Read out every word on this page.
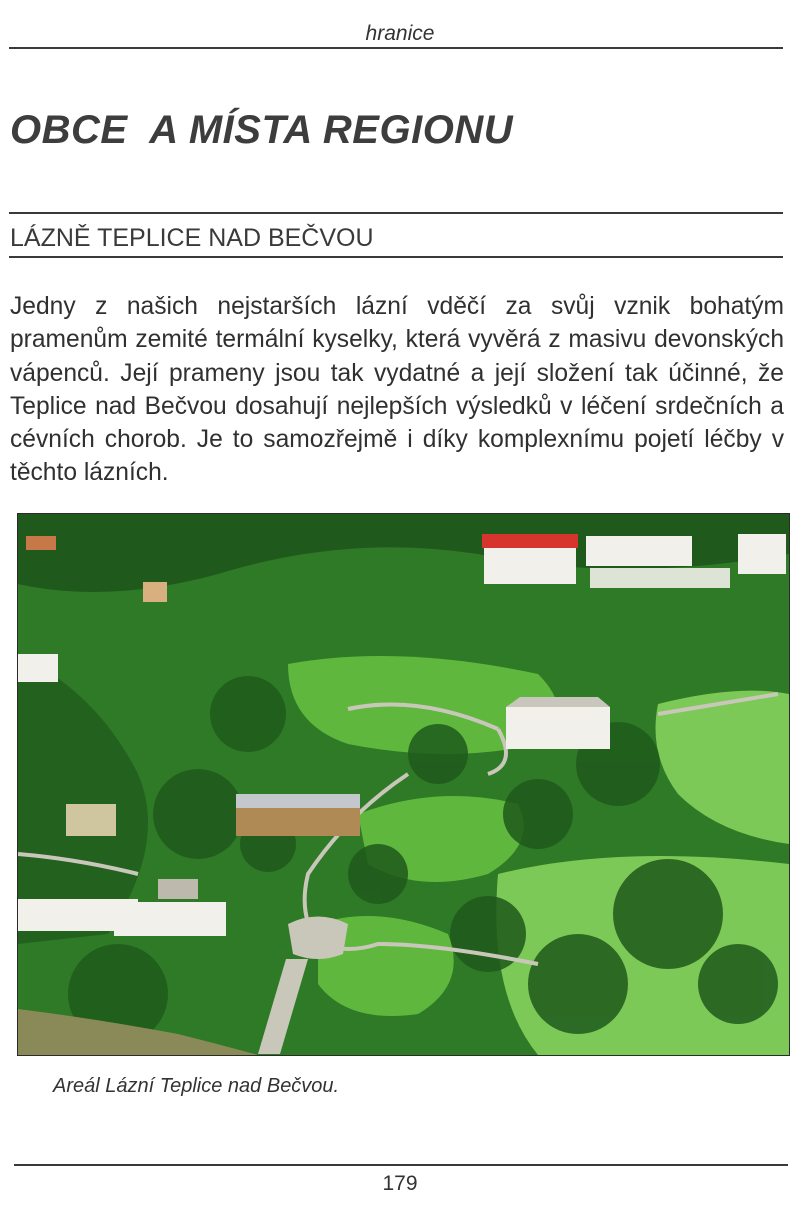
hranice
OBCE  A MÍSTA REGIONU
LÁZNĚ TEPLICE NAD BEČVOU

Jedny z našich nejstarších lázní vděčí za svůj vznik bohatým pramenům zemité termální kyselky, která vyvěrá z masivu devonských vápenců. Její prameny jsou tak vydatné a její složení tak účinné, že Teplice nad Bečvou dosahují nejlepších výsledků v léčení srdečních a cévních chorob. Je to samozřejmě i díky komplexnímu pojetí léčby v těchto lázních.

Areál Lázní Teplice nad Bečvou.

179
